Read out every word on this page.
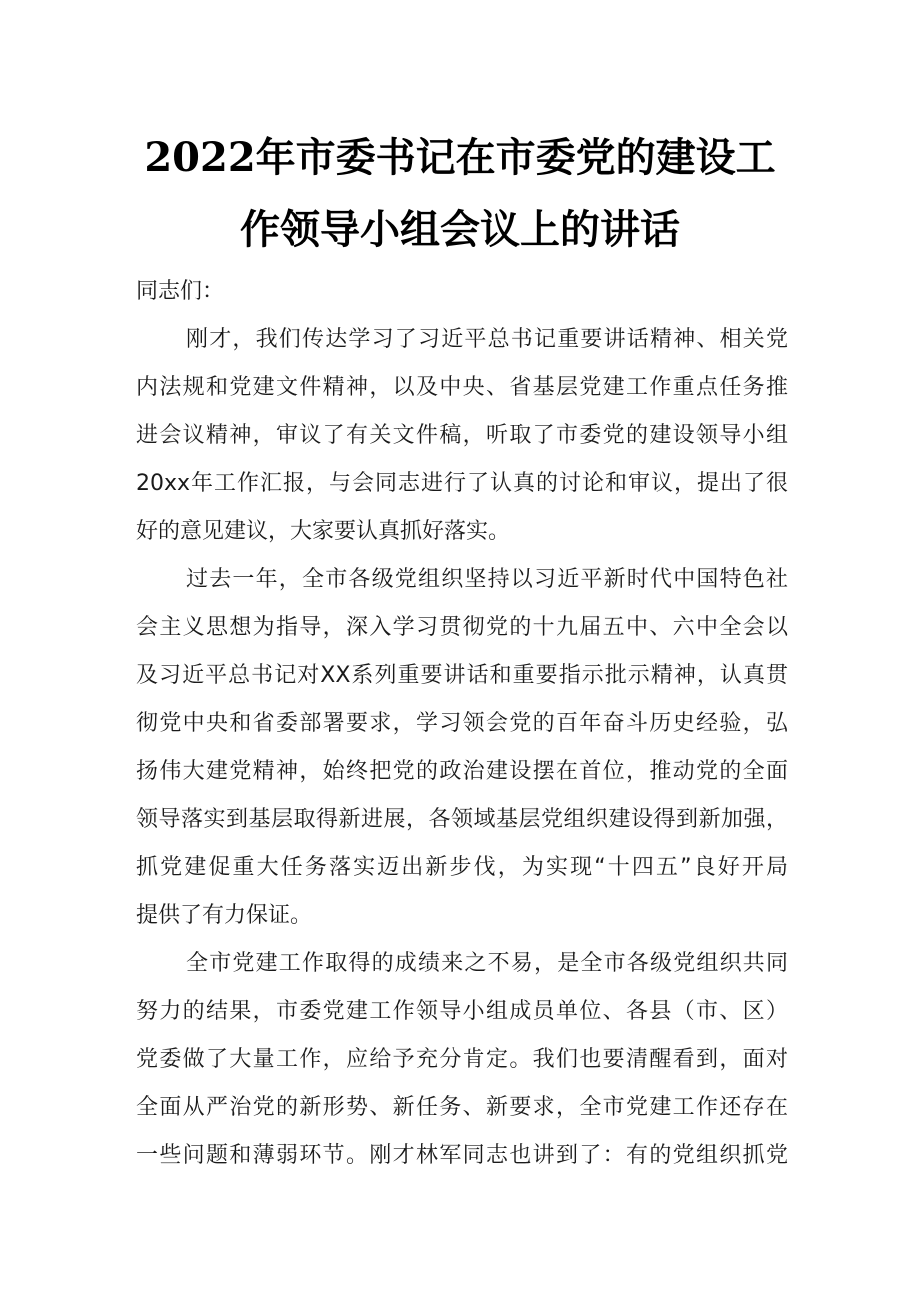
2022年市委书记在市委党的建设工
作领导小组会议上的讲话

同志们：

刚才，我们传达学习了习近平总书记重要讲话精神、相关党

内法规和党建文件精神，以及中央、省基层党建工作重点任务推

进会议精神，审议了有关文件稿，听取了市委党的建设领导小组

20xx年工作汇报，与会同志进行了认真的讨论和审议，提出了很

好的意见建议，大家要认真抓好落实。

过去一年，全市各级党组织坚持以习近平新时代中国特色社

会主义思想为指导，深入学习贯彻党的十九届五中、六中全会以

及习近平总书记对XX系列重要讲话和重要指示批示精神，认真贯

彻党中央和省委部署要求，学习领会党的百年奋斗历史经验，弘

扬伟大建党精神，始终把党的政治建设摆在首位，推动党的全面

领导落实到基层取得新进展，各领域基层党组织建设得到新加强，

抓党建促重大任务落实迈出新步伐，为实现“十四五”良好开局

提供了有力保证。

全市党建工作取得的成绩来之不易，是全市各级党组织共同

努力的结果，市委党建工作领导小组成员单位、各县（市、区）

党委做了大量工作，应给予充分肯定。我们也要清醒看到，面对

全面从严治党的新形势、新任务、新要求，全市党建工作还存在

一些问题和薄弱环节。刚才林军同志也讲到了：有的党组织抓党
